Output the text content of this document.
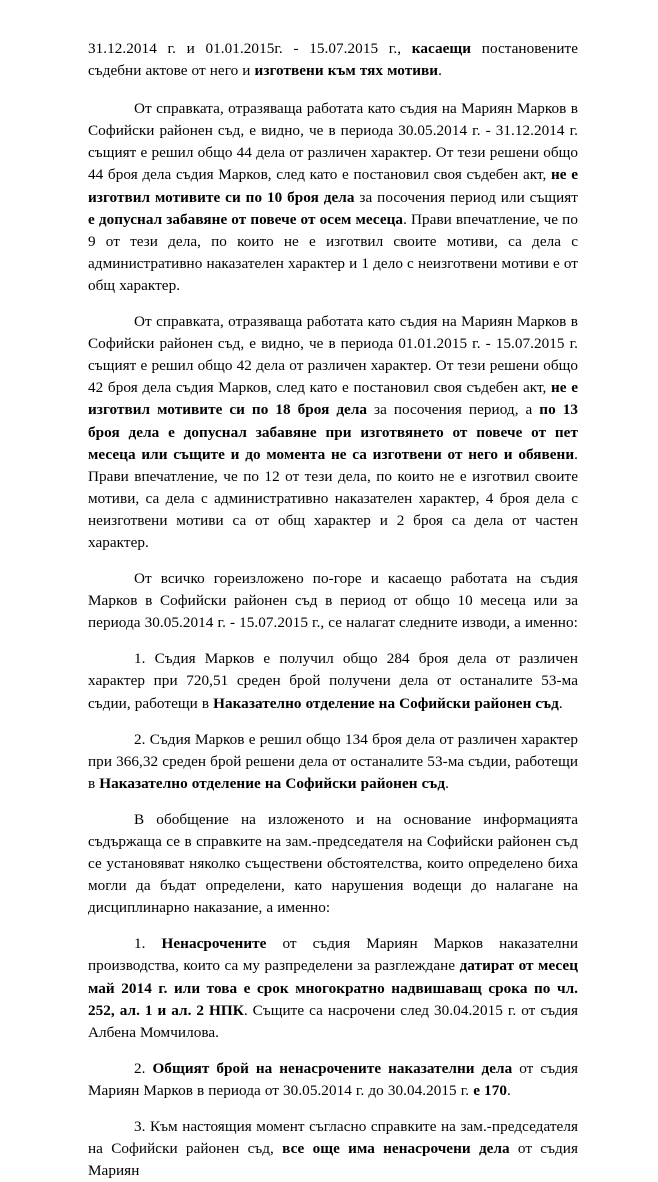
31.12.2014 г. и 01.01.2015г. - 15.07.2015 г., касаещи постановените съдебни актове от него и изготвени към тях мотиви.

От справката, отразяваща работата като съдия на Мариян Марков в Софийски районен съд, е видно, че в периода 30.05.2014 г. - 31.12.2014 г. същият е решил общо 44 дела от различен характер. От тези решени общо 44 броя дела съдия Марков, след като е постановил своя съдебен акт, не е изготвил мотивите си по 10 броя дела за посочения период или същият е допуснал забавяне от повече от осем месеца. Прави впечатление, че по 9 от тези дела, по които не е изготвил своите мотиви, са дела с административно наказателен характер и 1 дело с неизготвени мотиви е от общ характер.

От справката, отразяваща работата като съдия на Мариян Марков в Софийски районен съд, е видно, че в периода 01.01.2015 г. - 15.07.2015 г. същият е решил общо 42 дела от различен характер. От тези решени общо 42 броя дела съдия Марков, след като е постановил своя съдебен акт, не е изготвил мотивите си по 18 броя дела за посочения период, а по 13 броя дела е допуснал забавяне при изготвянето от повече от пет месеца или същите и до момента не са изготвени от него и обявени. Прави впечатление, че по 12 от тези дела, по които не е изготвил своите мотиви, са дела с административно наказателен характер, 4 броя дела с неизготвени мотиви са от общ характер и 2 броя са дела от частен характер.

От всичко гореизложено по-горе и касаещо работата на съдия Марков в Софийски районен съд в период от общо 10 месеца или за периода 30.05.2014 г. - 15.07.2015 г., се налагат следните изводи, а именно:

1. Съдия Марков е получил общо 284 броя дела от различен характер при 720,51 среден брой получени дела от останалите 53-ма съдии, работещи в Наказателно отделение на Софийски районен съд.

2. Съдия Марков е решил общо 134 броя дела от различен характер при 366,32 среден брой решени дела от останалите 53-ма съдии, работещи в Наказателно отделение на Софийски районен съд.

В обобщение на изложеното и на основание информацията съдържаща се в справките на зам.-председателя на Софийски районен съд се установяват няколко съществени обстоятелства, които определено биха могли да бъдат определени, като нарушения водещи до налагане на дисциплинарно наказание, а именно:

1. Ненасрочените от съдия Мариян Марков наказателни производства, които са му разпределени за разглеждане датират от месец май 2014 г. или това е срок многократно надвишаващ срока по чл. 252, ал. 1 и ал. 2 НПК. Същите са насрочени след 30.04.2015 г. от съдия Албена Момчилова.

2. Общият брой на ненасрочените наказателни дела от съдия Мариян Марков в периода от 30.05.2014 г. до 30.04.2015 г. е 170.

3. Към настоящия момент съгласно справките на зам.-председателя на Софийски районен съд, все още има ненасрочени дела от съдия Мариян
